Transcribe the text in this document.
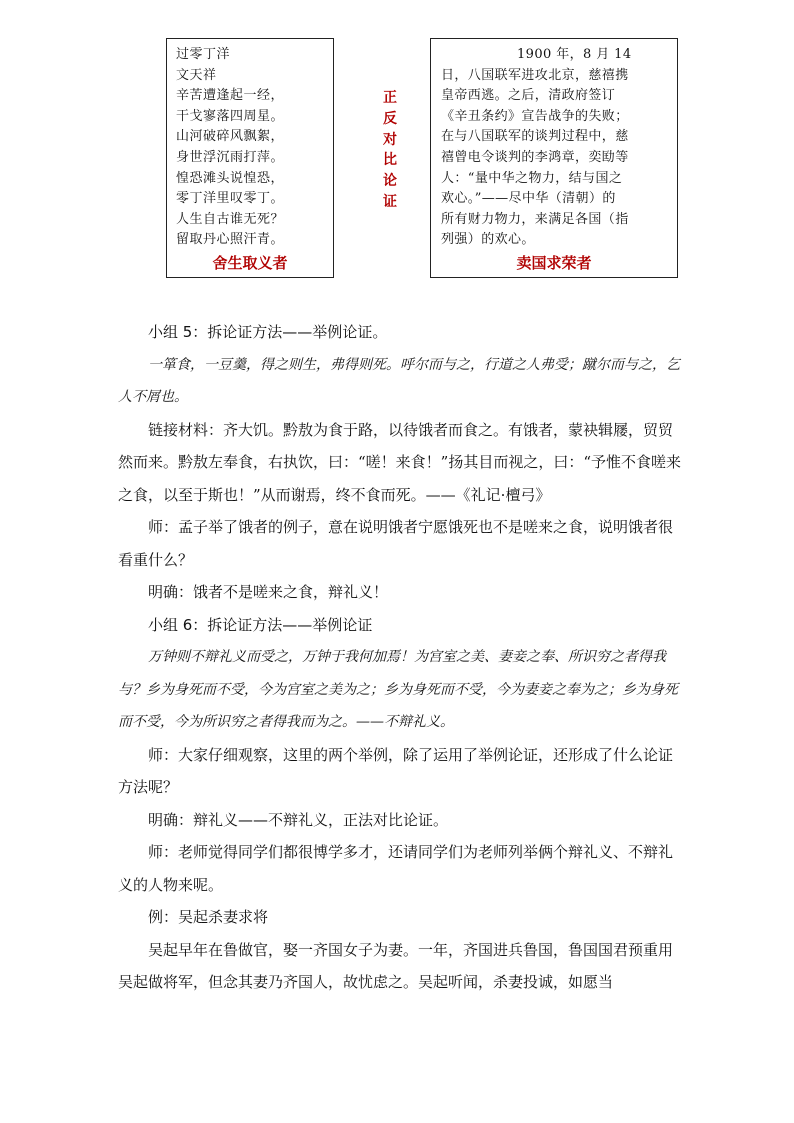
过零丁洋
文天祥
辛苦遭逢起一经，
干戈寥落四周星。
山河破碎风飘絮，
身世浮沉雨打萍。
惶恐滩头说惶恐，
零丁洋里叹零丁。
人生自古谁无死？
留取丹心照汗青。
舍生取义者
正
反
对
比
论
证
1900 年，8 月 14
日，八国联军进攻北京，慈禧携
皇帝西逃。之后，清政府签订
《辛丑条约》宣告战争的失败；
在与八国联军的谈判过程中，慈
禧曾电令谈判的李鸿章，奕劻等
人：“量中华之物力，结与国之
欢心。”——尽中华（清朝）的
所有财力物力，来满足各国（指
列强）的欢心。
卖国求荣者

小组 5：拆论证方法——举例论证。

一箪食，一豆羹，得之则生，弗得则死。呼尔而与之，行道之人弗受；蹴尔而与之，乞人不屑也。

链接材料：齐大饥。黔敖为食于路，以待饿者而食之。有饿者，蒙袂辑屦，贸贸然而来。黔敖左奉食，右执饮，曰：“嗟！来食！”扬其目而视之，曰：“予惟不食嗟来之食，以至于斯也！”从而谢焉，终不食而死。——《礼记·檀弓》

师：孟子举了饿者的例子，意在说明饿者宁愿饿死也不是嗟来之食，说明饿者很看重什么？

明确：饿者不是嗟来之食，辩礼义！

小组 6：拆论证方法——举例论证

万钟则不辩礼义而受之，万钟于我何加焉！为宫室之美、妻妾之奉、所识穷之者得我与？乡为身死而不受，今为宫室之美为之；乡为身死而不受，今为妻妾之奉为之；乡为身死而不受，今为所识穷之者得我而为之。——不辩礼义。

师：大家仔细观察，这里的两个举例，除了运用了举例论证，还形成了什么论证方法呢？

明确：辩礼义——不辩礼义，正法对比论证。

师：老师觉得同学们都很博学多才，还请同学们为老师列举俩个辩礼义、不辩礼义的人物来呢。

例：吴起杀妻求将

吴起早年在鲁做官，娶一齐国女子为妻。一年，齐国进兵鲁国，鲁国国君预重用吴起做将军，但念其妻乃齐国人，故忧虑之。吴起听闻，杀妻投诚，如愿当
